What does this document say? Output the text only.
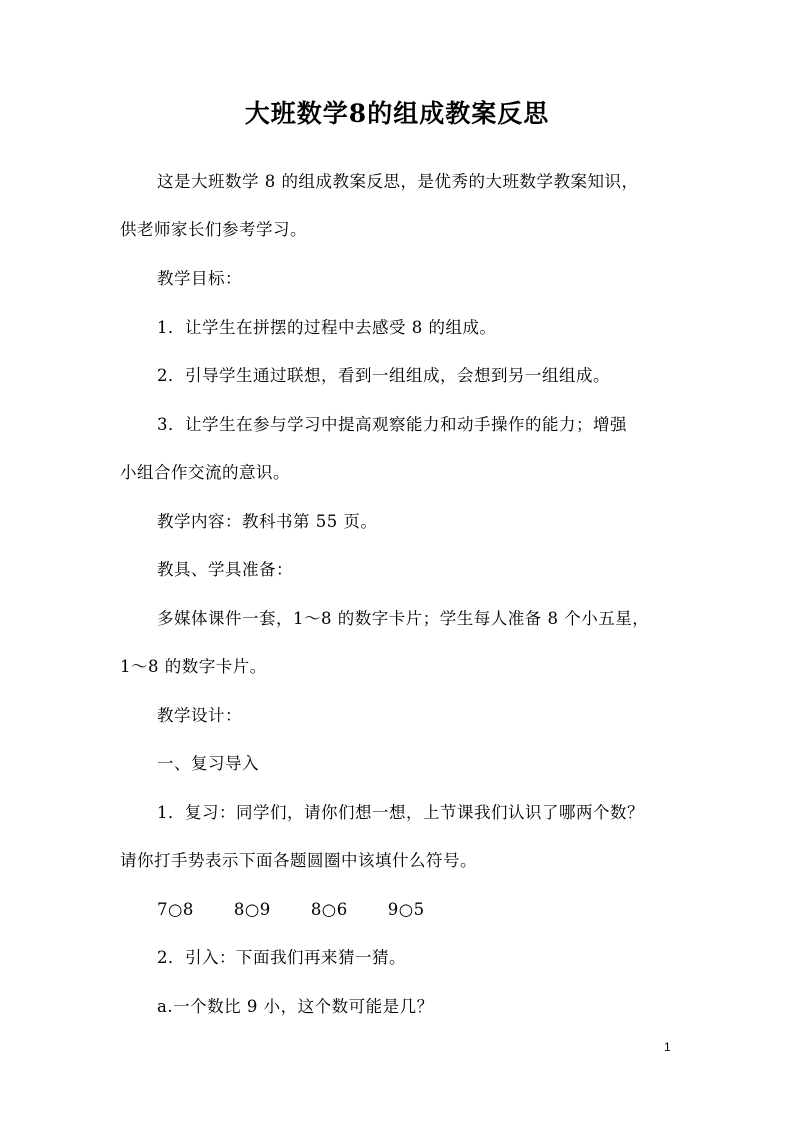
大班数学8的组成教案反思
这是大班数学 8 的组成教案反思，是优秀的大班数学教案知识，
供老师家长们参考学习。
教学目标：
1．让学生在拼摆的过程中去感受 8 的组成。
2．引导学生通过联想，看到一组组成，会想到另一组组成。
3．让学生在参与学习中提高观察能力和动手操作的能力；增强
小组合作交流的意识。
教学内容：教科书第 55 页。
教具、学具准备：
多媒体课件一套，1～8 的数字卡片；学生每人准备 8 个小五星，
1～8 的数字卡片。
教学设计：
一、复习导入
1．复习：同学们，请你们想一想，上节课我们认识了哪两个数？
请你打手势表示下面各题圆圈中该填什么符号。
7○8 8○9 8○6 9○5
2．引入：下面我们再来猜一猜。
a.一个数比 9 小，这个数可能是几？
1
